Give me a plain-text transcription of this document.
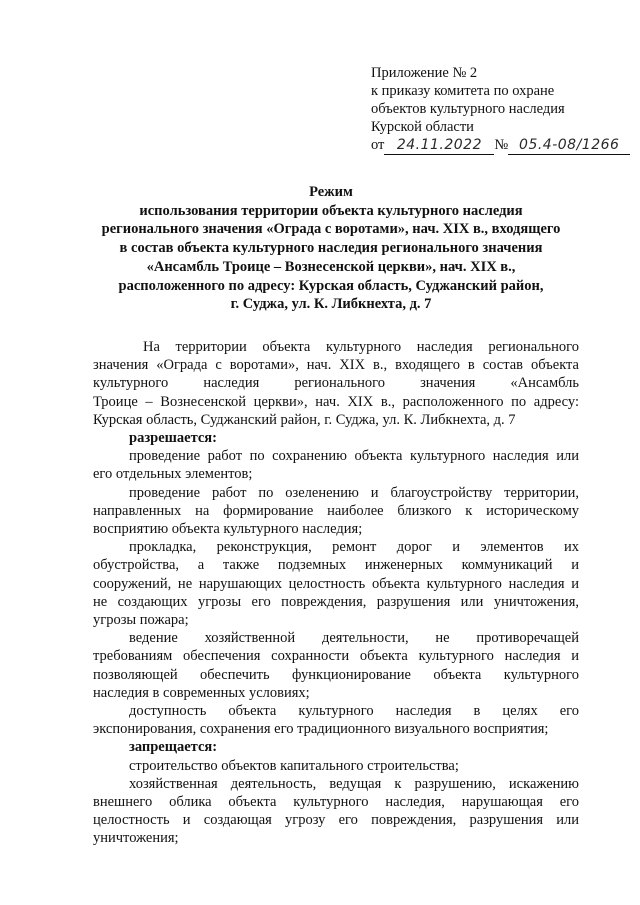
Приложение № 2
к приказу комитета по охране
объектов культурного наследия
Курской области
от 24.11.2022 № 05.4-08/1266
Режим
использования территории объекта культурного наследия
регионального значения «Ограда с воротами», нач. XIX в., входящего
в состав объекта культурного наследия регионального значения
«Ансамбль Троице – Вознесенской церкви», нач. XIX в.,
расположенного по адресу: Курская область, Суджанский район,
г. Суджа, ул. К. Либкнехта, д. 7
На территории объекта культурного наследия регионального
значения «Ограда с воротами», нач. XIX в., входящего в состав объекта
культурного наследия регионального значения «Ансамбль
Троице – Вознесенской церкви», нач. XIX в., расположенного по адресу:
Курская область, Суджанский район, г. Суджа, ул. К. Либкнехта, д. 7
разрешается:
проведение работ по сохранению объекта культурного наследия или
его отдельных элементов;
проведение работ по озеленению и благоустройству территории,
направленных на формирование наиболее близкого к историческому
восприятию объекта культурного наследия;
прокладка, реконструкция, ремонт дорог и элементов их
обустройства, а также подземных инженерных коммуникаций и
сооружений, не нарушающих целостность объекта культурного наследия и
не создающих угрозы его повреждения, разрушения или уничтожения,
угрозы пожара;
ведение хозяйственной деятельности, не противоречащей
требованиям обеспечения сохранности объекта культурного наследия и
позволяющей обеспечить функционирование объекта культурного
наследия в современных условиях;
доступность объекта культурного наследия в целях его
экспонирования, сохранения его традиционного визуального восприятия;
запрещается:
строительство объектов капитального строительства;
хозяйственная деятельность, ведущая к разрушению, искажению
внешнего облика объекта культурного наследия, нарушающая его
целостность и создающая угрозу его повреждения, разрушения или
уничтожения;
